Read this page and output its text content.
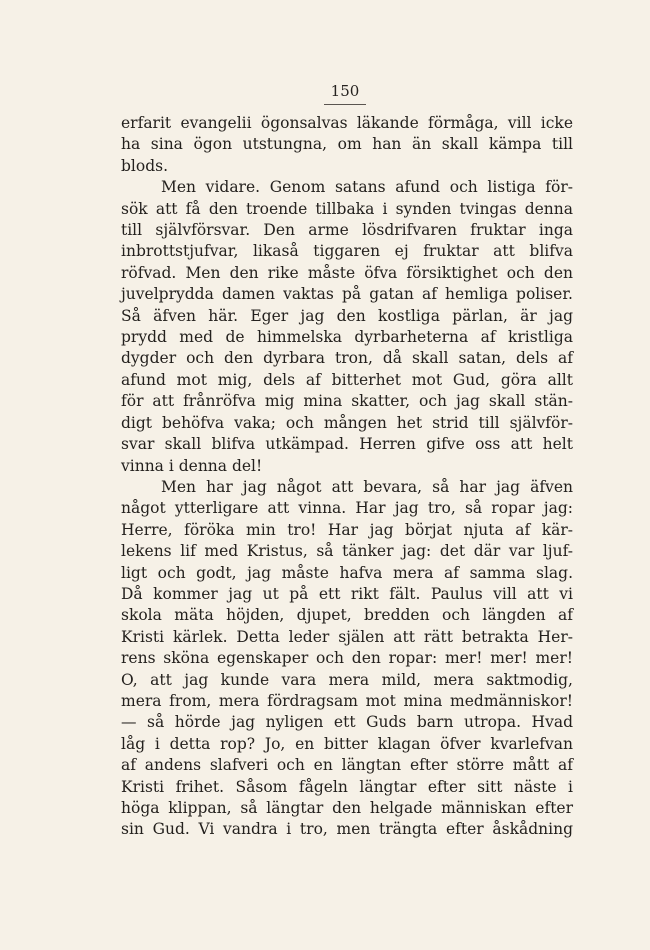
150
erfarit evangelii ögonsalvas läkande förmåga, vill icke
ha sina ögon utstungna, om han än skall kämpa till
blods.
Men vidare. Genom satans afund och listiga för-
sök att få den troende tillbaka i synden tvingas denna
till självförsvar. Den arme lösdrifvaren fruktar inga
inbrottstjufvar, likaså tiggaren ej fruktar att blifva
röfvad. Men den rike måste öfva försiktighet och den
juvelprydda damen vaktas på gatan af hemliga poliser.
Så äfven här. Eger jag den kostliga pärlan, är jag
prydd med de himmelska dyrbarheterna af kristliga
dygder och den dyrbara tron, då skall satan, dels af
afund mot mig, dels af bitterhet mot Gud, göra allt
för att frånröfva mig mina skatter, och jag skall stän-
digt behöfva vaka; och mången het strid till självför-
svar skall blifva utkämpad. Herren gifve oss att helt
vinna i denna del!
Men har jag något att bevara, så har jag äfven
något ytterligare att vinna. Har jag tro, så ropar jag:
Herre, föröka min tro! Har jag börjat njuta af kär-
lekens lif med Kristus, så tänker jag: det där var ljuf-
ligt och godt, jag måste hafva mera af samma slag.
Då kommer jag ut på ett rikt fält. Paulus vill att vi
skola mäta höjden, djupet, bredden och längden af
Kristi kärlek. Detta leder själen att rätt betrakta Her-
rens sköna egenskaper och den ropar: mer! mer! mer!
O, att jag kunde vara mera mild, mera saktmodig,
mera from, mera fördragsam mot mina medmänniskor!
— så hörde jag nyligen ett Guds barn utropa. Hvad
låg i detta rop? Jo, en bitter klagan öfver kvarlefvan
af andens slafveri och en längtan efter större mått af
Kristi frihet. Såsom fågeln längtar efter sitt näste i
höga klippan, så längtar den helgade människan efter
sin Gud. Vi vandra i tro, men trängta efter åskådning
